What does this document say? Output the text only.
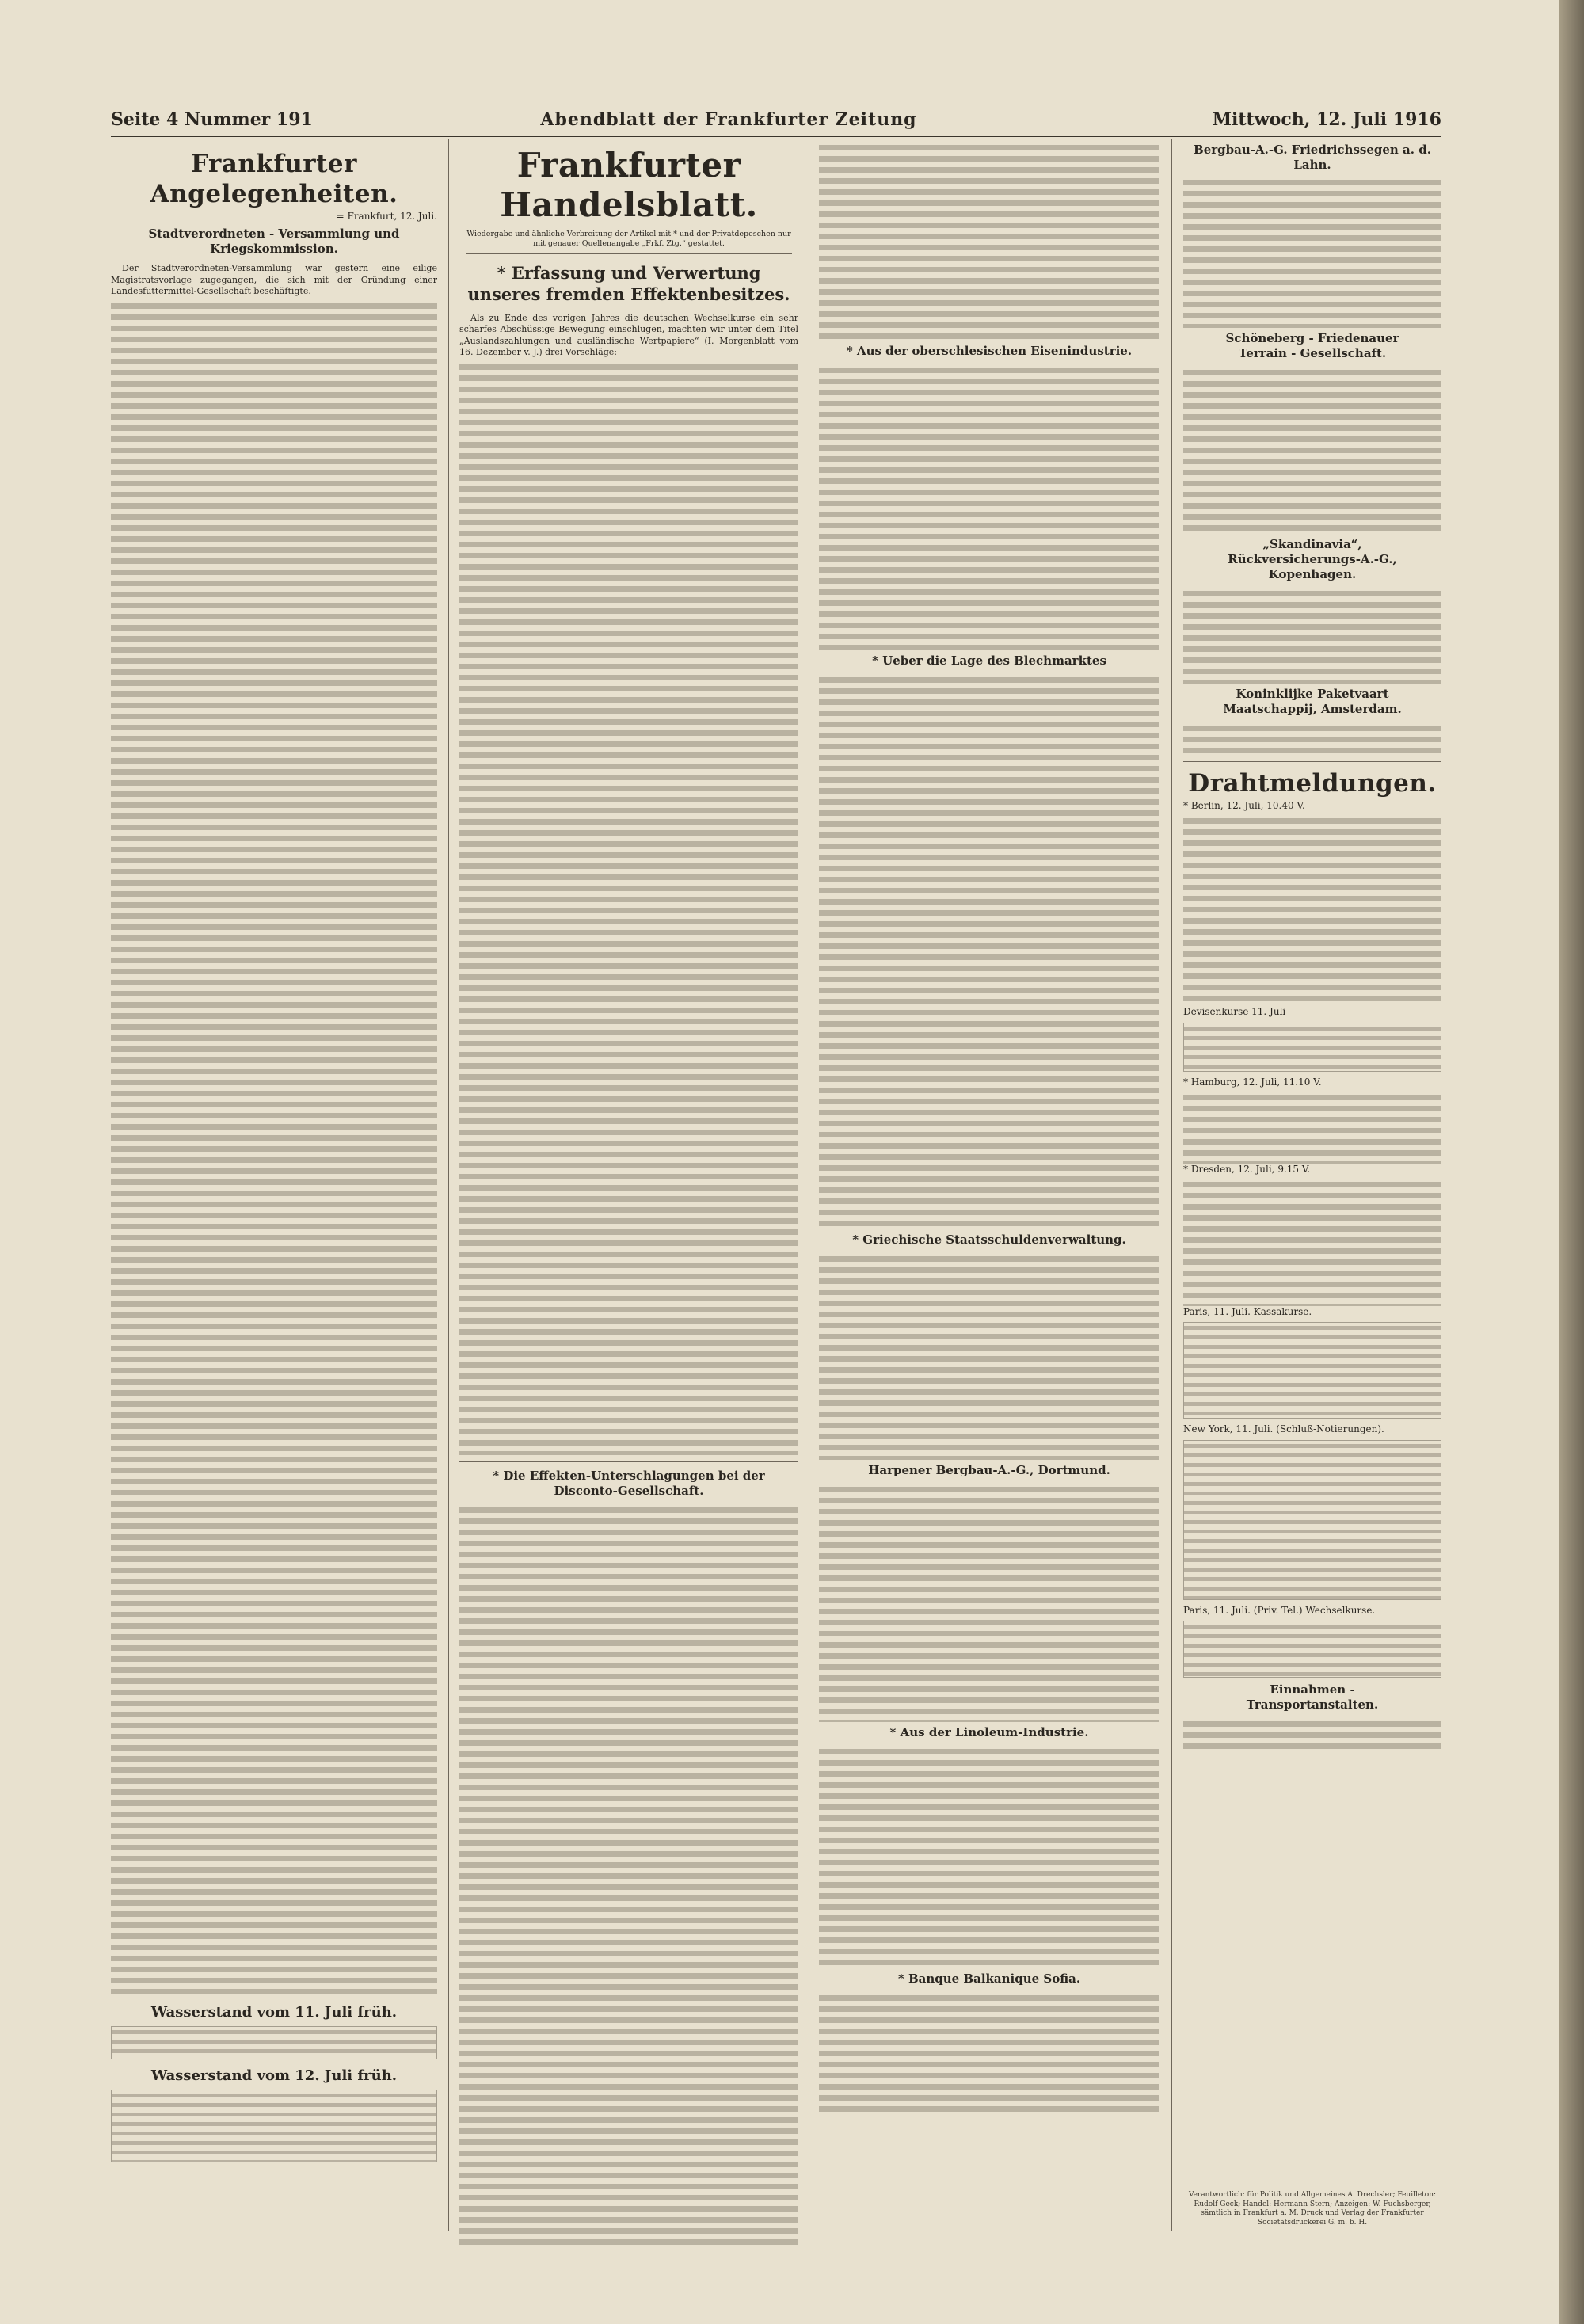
Seite 4 Nummer 191	Abendblatt der Frankfurter Zeitung	Mittwoch, 12. Juli 1916
Frankfurter Angelegenheiten.
= Frankfurt, 12. Juli.
Stadtverordneten - Versammlung und Kriegskommission.

Der Stadtverordneten-Versammlung war gestern eine eilige Magistratsvorlage zugegangen, die sich mit der Gründung einer Landesfuttermittel-Gesellschaft beschäftigte.

Wasserstand vom 11. Juli früh.
Wasserstand vom 12. Juli früh.
Frankfurter Handelsblatt.
Wiedergabe und ähnliche Verbreitung der Artikel mit * und der Privatdepeschen nur mit genauer Quellenangabe „Frkf. Ztg.“ gestattet.
* Erfassung und Verwertung unseres fremden Effektenbesitzes.

Als zu Ende des vorigen Jahres die deutschen Wechselkurse ein sehr scharfes Abschüssige Bewegung einschlugen, machten wir unter dem Titel „Auslandszahlungen und ausländische Wertpapiere“ (I. Morgenblatt vom 16. Dezember v. J.) drei Vorschläge:

* Die Effekten-Unterschlagungen bei der Disconto-Gesellschaft.
* Aus der oberschlesischen Eisenindustrie.
* Ueber die Lage des Blechmarktes
* Griechische Staatsschuldenverwaltung.
Harpener Bergbau-A.-G., Dortmund.
* Aus der Linoleum-Industrie.
* Banque Balkanique Sofia.
Bergbau-A.-G. Friedrichssegen a. d. Lahn.
Schöneberg - Friedenauer Terrain - Gesellschaft.
„Skandinavia“, Rückversicherungs-A.-G., Kopenhagen.
Koninklijke Paketvaart Maatschappij, Amsterdam.
Drahtmeldungen.
* Berlin, 12. Juli, 10.40 V.
Devisenkurse 11. Juli
* Hamburg, 12. Juli, 11.10 V.
* Dresden, 12. Juli, 9.15 V.
Paris, 11. Juli. Kassakurse.
New York, 11. Juli. (Schluß-Notierungen).
Paris, 11. Juli. (Priv. Tel.) Wechselkurse.
Einnahmen - Transportanstalten.
Verantwortlich: für Politik und Allgemeines A. Drechsler; Feuilleton: Rudolf Geck; Handel: Hermann Stern; Anzeigen: W. Fuchsberger, sämtlich in Frankfurt a. M. Druck und Verlag der Frankfurter Societätsdruckerei G. m. b. H.
